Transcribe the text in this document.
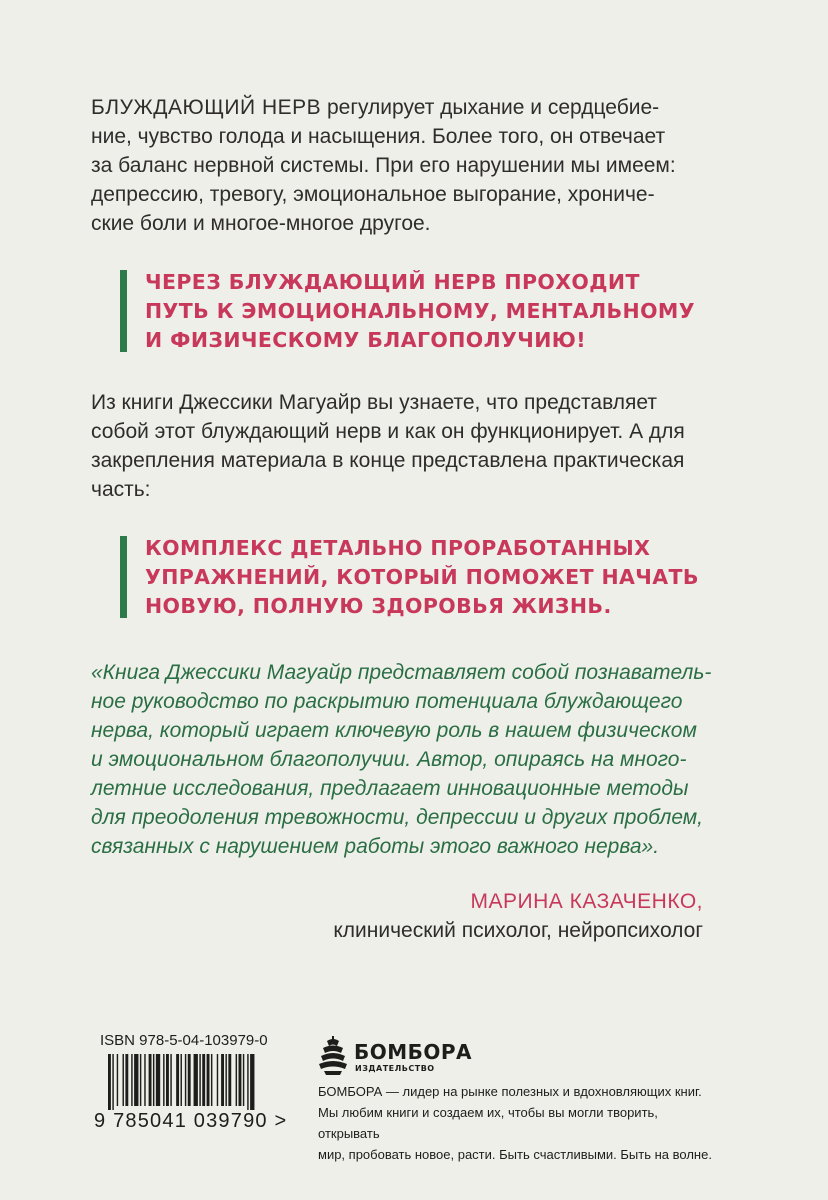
БЛУЖДАЮЩИЙ НЕРВ регулирует дыхание и сердцебие-
ние, чувство голода и насыщения. Более того, он отвечает
за баланс нервной системы. При его нарушении мы имеем:
депрессию, тревогу, эмоциональное выгорание, хрониче-
ские боли и многое-многое другое.

ЧЕРЕЗ БЛУЖДАЮЩИЙ НЕРВ ПРОХОДИТ
ПУТЬ К ЭМОЦИОНАЛЬНОМУ, МЕНТАЛЬНОМУ
И ФИЗИЧЕСКОМУ БЛАГОПОЛУЧИЮ!

Из книги Джессики Магуайр вы узнаете, что представляет
собой этот блуждающий нерв и как он функционирует. А для
закрепления материала в конце представлена практическая
часть:

КОМПЛЕКС ДЕТАЛЬНО ПРОРАБОТАННЫХ
УПРАЖНЕНИЙ, КОТОРЫЙ ПОМОЖЕТ НАЧАТЬ
НОВУЮ, ПОЛНУЮ ЗДОРОВЬЯ ЖИЗНЬ.

«Книга Джессики Магуайр представляет собой познаватель-
ное руководство по раскрытию потенциала блуждающего
нерва, который играет ключевую роль в нашем физическом
и эмоциональном благополучии. Автор, опираясь на много-
летние исследования, предлагает инновационные методы
для преодоления тревожности, депрессии и других проблем,
связанных с нарушением работы этого важного нерва».

МАРИНА КАЗАЧЕНКО,
клинический психолог, нейропсихолог
ISBN 978-5-04-103979-0
9 785041 039790 >
БОМБОРА
ИЗДАТЕЛЬСТВО

БОМБОРА — лидер на рынке полезных и вдохновляющих книг.
Мы любим книги и создаем их, чтобы вы могли творить, открывать
мир, пробовать новое, расти. Быть счастливыми. Быть на волне.
